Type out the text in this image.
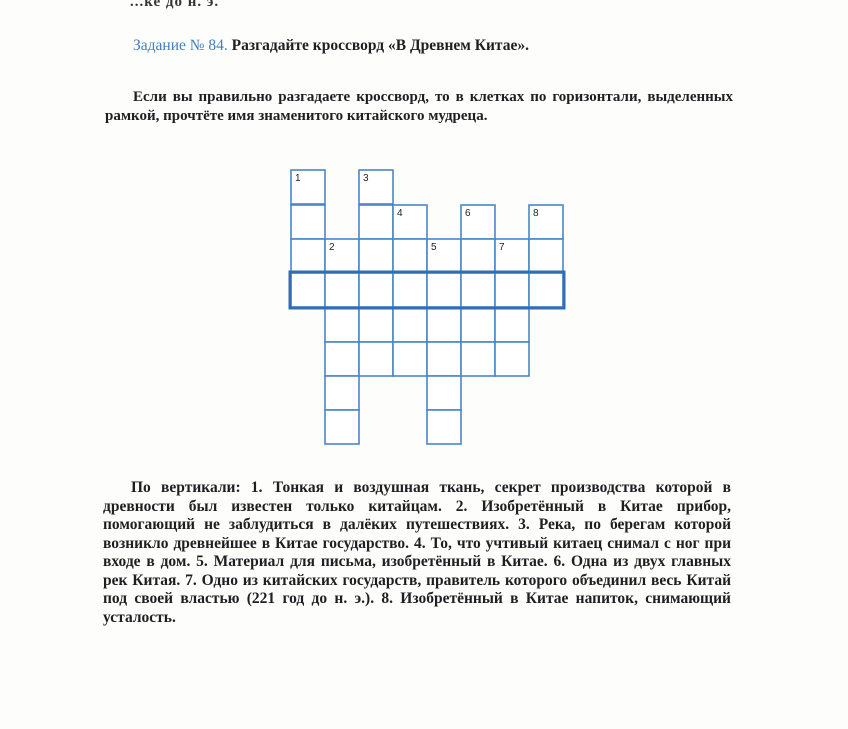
...ке до н. э.
Задание № 84. Разгадайте кроссворд «В Древнем Китае».
Если вы правильно разгадаете кроссворд, то в клетках по горизонтали, выделенных рамкой, прочтёте имя знаменитого китайского мудреца.
1
2
3
4
5
6
7
8
По вертикали: 1. Тонкая и воздушная ткань, секрет производства которой в древности был известен только китайцам. 2. Изобретённый в Китае прибор, помогающий не заблудиться в далёких путешествиях. 3. Река, по берегам которой возникло древнейшее в Китае государство. 4. То, что учтивый китаец снимал с ног при входе в дом. 5. Материал для письма, изобретённый в Китае. 6. Одна из двух главных рек Китая. 7. Одно из китайских государств, правитель которого объединил весь Китай под своей властью (221 год до н. э.). 8. Изобретённый в Китае напиток, снимающий усталость.
